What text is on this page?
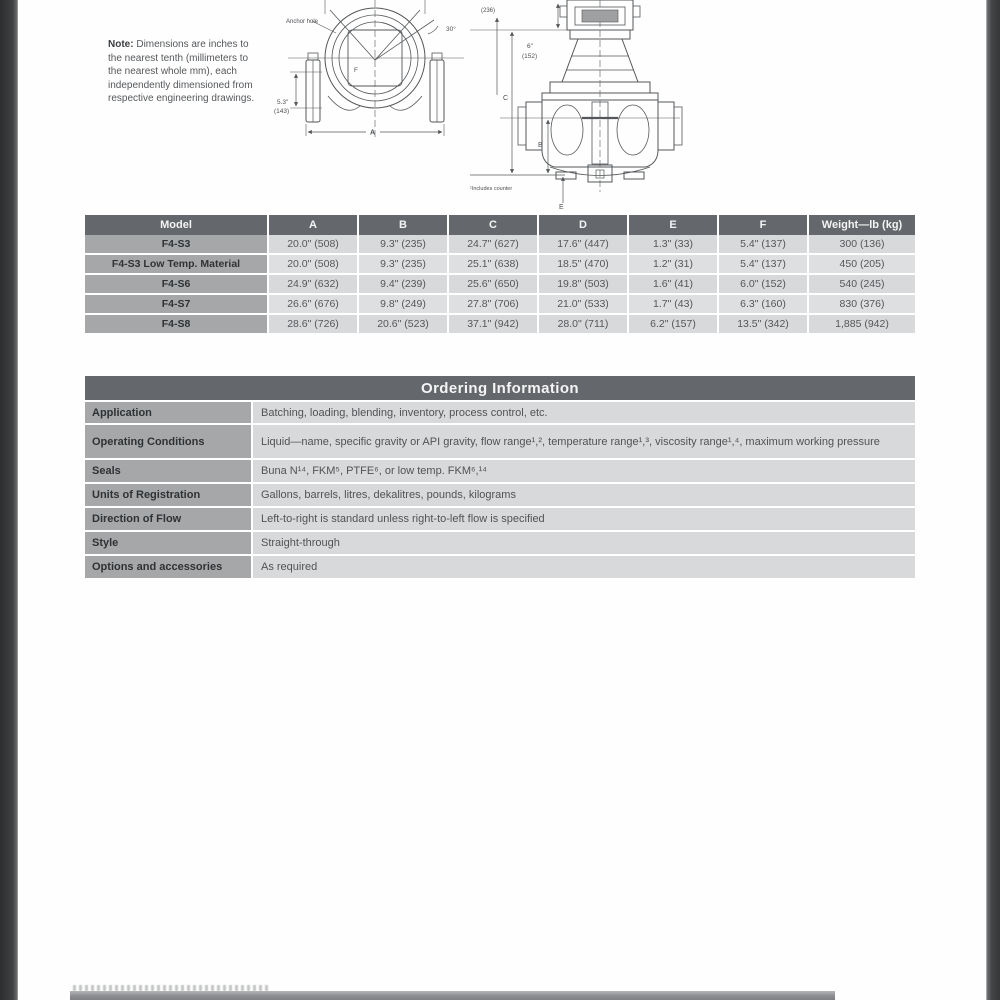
Note: Dimensions are inches to the nearest tenth (millimeters to the nearest whole mm), each independently dimensioned from respective engineering drawings.
Anchor hole
30°
5.3"
(143)
F
A
(236)
6"
(152)
C
B
E
¹Includes counter
Model	A	B	C	D	E	F	Weight—lb (kg)
F4-S3	20.0" (508)	9.3" (235)	24.7" (627)	17.6" (447)	1.3" (33)	5.4" (137)	300 (136)
F4-S3 Low Temp. Material	20.0" (508)	9.3" (235)	25.1" (638)	18.5" (470)	1.2" (31)	5.4" (137)	450 (205)
F4-S6	24.9" (632)	9.4" (239)	25.6" (650)	19.8" (503)	1.6" (41)	6.0" (152)	540 (245)
F4-S7	26.6" (676)	9.8" (249)	27.8" (706)	21.0" (533)	1.7" (43)	6.3" (160)	830 (376)
F4-S8	28.6" (726)	20.6" (523)	37.1" (942)	28.0" (711)	6.2" (157)	13.5" (342)	1,885 (942)
Ordering Information
Application	Batching, loading, blending, inventory, process control, etc.
Operating Conditions	Liquid—name, specific gravity or API gravity, flow range¹,², temperature range¹,³, viscosity range¹,⁴, maximum working pressure
Seals	Buna N¹⁴, FKM⁵, PTFE⁶, or low temp. FKM⁶,¹⁴
Units of Registration	Gallons, barrels, litres, dekalitres, pounds, kilograms
Direction of Flow	Left-to-right is standard unless right-to-left flow is specified
Style	Straight-through
Options and accessories	As required
